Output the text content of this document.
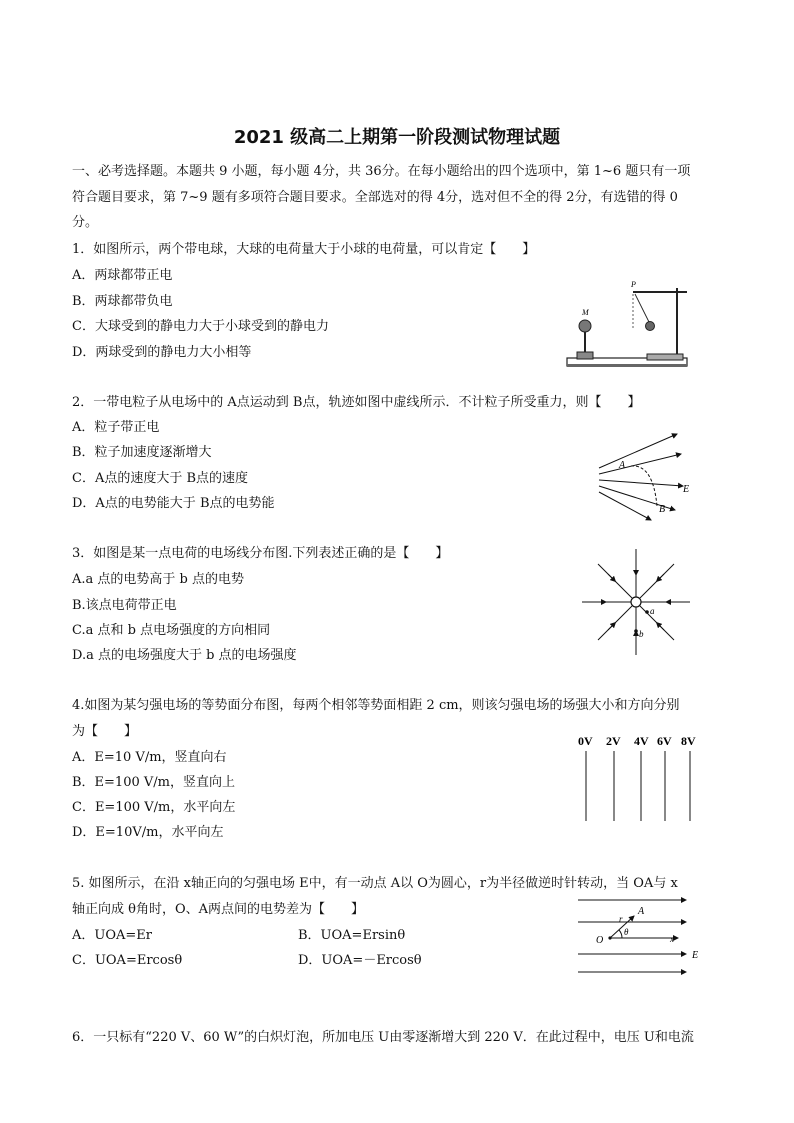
2021 级高二上期第一阶段测试物理试题
一、必考选择题。本题共 9 小题，每小题 4分，共 36分。在每小题给出的四个选项中，第 1~6 题只有一项
符合题目要求，第 7~9 题有多项符合题目要求。全部选对的得 4分，选对但不全的得 2分，有选错的得 0
分。
1．如图所示，两个带电球，大球的电荷量大于小球的电荷量，可以肯定【　　】
A．两球都带正电
B．两球都带负电
C．大球受到的静电力大于小球受到的静电力
D．两球受到的静电力大小相等
M
P
2．一带电粒子从电场中的 A点运动到 B点，轨迹如图中虚线所示．不计粒子所受重力，则【　　】
A．粒子带正电
B．粒子加速度逐渐增大
C．A点的速度大于 B点的速度
D．A点的电势能大于 B点的电势能
A
B
E
3．如图是某一点电荷的电场线分布图.下列表述正确的是【　　】
A.a 点的电势高于 b 点的电势
B.该点电荷带正电
C.a 点和 b 点电场强度的方向相同
D.a 点的电场强度大于 b 点的电场强度
a
b
4.如图为某匀强电场的等势面分布图，每两个相邻等势面相距 2 cm，则该匀强电场的场强大小和方向分别
为【　　】
A．E=10 V/m，竖直向右
B．E=100 V/m，竖直向上
C．E=100 V/m，水平向左
D．E=10V/m，水平向左
0V 2V 4V 6V 8V
5. 如图所示，在沿 x轴正向的匀强电场 E中，有一动点 A以 O为圆心，r为半径做逆时针转动，当 OA与 x
轴正向成 θ角时，O、A两点间的电势差为【　　】
A．UOA=Er	B．UOA=Ersinθ
C．UOA=Ercosθ	D．UOA=－Ercosθ
A
r
θ
O	x
E
6．一只标有“220 V、60 W”的白炽灯泡，所加电压 U由零逐渐增大到 220 V．在此过程中，电压 U和电流
